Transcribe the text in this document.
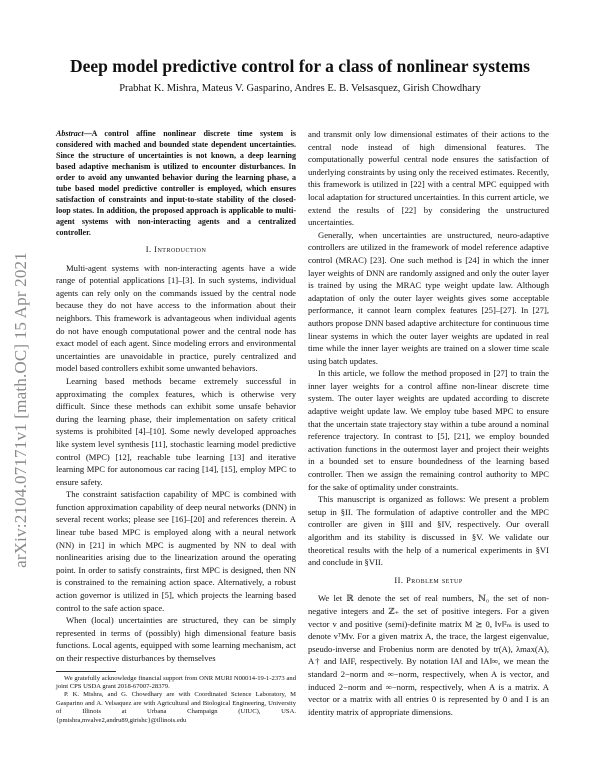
arXiv:2104.07171v1 [math.OC] 15 Apr 2021
Deep model predictive control for a class of nonlinear systems
Prabhat K. Mishra, Mateus V. Gasparino, Andres E. B. Velsasquez, Girish Chowdhary

Abstract—A control affine nonlinear discrete time system is considered with mached and bounded state dependent uncertainties. Since the structure of uncertainties is not known, a deep learning based adaptive mechanism is utilized to encounter disturbances. In order to avoid any unwanted behavior during the learning phase, a tube based model predictive controller is employed, which ensures satisfaction of constraints and input-to-state stability of the closed-loop states. In addition, the proposed approach is applicable to multi-agent systems with non-interacting agents and a centralized controller.

I. Introduction

Multi-agent systems with non-interacting agents have a wide range of potential applications [1]–[3]. In such systems, individual agents can rely only on the commands issued by the central node because they do not have access to the information about their neighbors. This framework is advantageous when individual agents do not have enough computational power and the central node has exact model of each agent. Since modeling errors and environmental uncertainties are unavoidable in practice, purely centralized and model based controllers exhibit some unwanted behaviors.

Learning based methods became extremely successful in approximating the complex features, which is otherwise very difficult. Since these methods can exhibit some unsafe behavior during the learning phase, their implementation on safety critical systems is prohibited [4]–[10]. Some newly developed approaches like system level synthesis [11], stochastic learning model predictive control (MPC) [12], reachable tube learning [13] and iterative learning MPC for autonomous car racing [14], [15], employ MPC to ensure safety.

The constraint satisfaction capability of MPC is combined with function approximation capability of deep neural networks (DNN) in several recent works; please see [16]–[20] and references therein. A linear tube based MPC is employed along with a neural network (NN) in [21] in which MPC is augmented by NN to deal with nonlinearities arising due to the linearization around the operating point. In order to satisfy constraints, first MPC is designed, then NN is constrained to the remaining action space. Alternatively, a robust action governor is utilized in [5], which projects the learning based control to the safe action space.

When (local) uncertainties are structured, they can be simply represented in terms of (possibly) high dimensional feature basis functions. Local agents, equipped with some learning mechanism, act on their respective disturbances by themselves

We gratefully acknowledge financial support from ONR MURI N00014-19-1-2373 and joint CPS USDA grant 2018-67007-28379.

P. K. Mishra, and G. Chowdhary are with Coordinated Science Laboratory, M Gasparino and A. Velsaquez are with Agricultural and Biological Engineering, University of Illinois at Urbana Champaign (UIUC), USA. {pmishra,mvalve2,andru89,girishc}@illinois.edu

and transmit only low dimensional estimates of their actions to the central node instead of high dimensional features. The computationally powerful central node ensures the satisfaction of underlying constraints by using only the received estimates. Recently, this framework is utilized in [22] with a central MPC equipped with local adaptation for structured uncertainties. In this current article, we extend the results of [22] by considering the unstructured uncertainties.

Generally, when uncertainties are unstructured, neuro-adaptive controllers are utilized in the framework of model reference adaptive control (MRAC) [23]. One such method is [24] in which the inner layer weights of DNN are randomly assigned and only the outer layer is trained by using the MRAC type weight update law. Although adaptation of only the outer layer weights gives some acceptable performance, it cannot learn complex features [25]–[27]. In [27], authors propose DNN based adaptive architecture for continuous time linear systems in which the outer layer weights are updated in real time while the inner layer weights are trained on a slower time scale using batch updates.

In this article, we follow the method proposed in [27] to train the inner layer weights for a control affine non-linear discrete time system. The outer layer weights are updated according to discrete adaptive weight update law. We employ tube based MPC to ensure that the uncertain state trajectory stay within a tube around a nominal reference trajectory. In contrast to [5], [21], we employ bounded activation functions in the outermost layer and project their weights in a bounded set to ensure boundedness of the learning based controller. Then we assign the remaining control authority to MPC for the sake of optimality under constraints.

This manuscript is organized as follows: We present a problem setup in §II. The formulation of adaptive controller and the MPC controller are given in §III and §IV, respectively. Our overall algorithm and its stability is discussed in §V. We validate our theoretical results with the help of a numerical experiments in §VI and conclude in §VII.

II. Problem setup

We let ℝ denote the set of real numbers, ℕ₀ the set of non-negative integers and ℤ₊ the set of positive integers. For a given vector v and positive (semi)-definite matrix M ⪰ 0, ‖v‖²ₘ is used to denote vᵀMv. For a given matrix A, the trace, the largest eigenvalue, pseudo-inverse and Frobenius norm are denoted by tr(A), λmax(A), A† and ‖A‖F, respectively. By notation ‖A‖ and ‖A‖∞, we mean the standard 2−norm and ∞−norm, respectively, when A is vector, and induced 2−norm and ∞−norm, respectively, when A is a matrix. A vector or a matrix with all entries 0 is represented by 0 and I is an identity matrix of appropriate dimensions.
